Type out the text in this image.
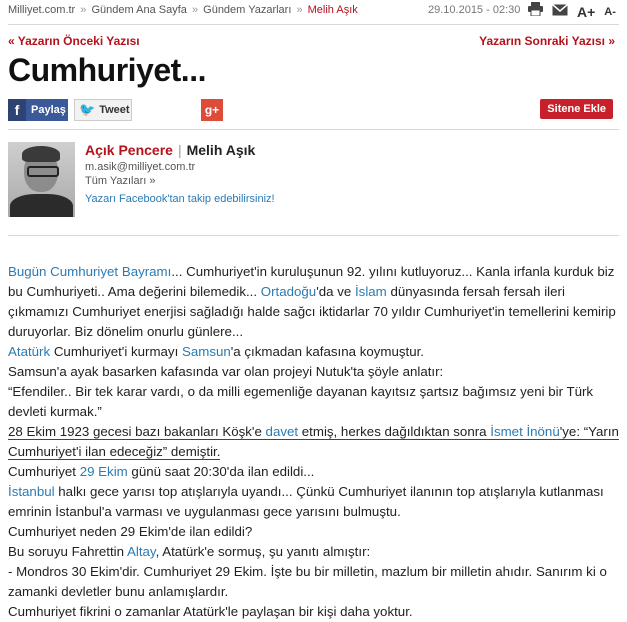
Milliyet.com.tr » Gündem Ana Sayfa » Gündem Yazarları » Melih Aşık	29.10.2015 - 02:30	A+ A-
« Yazarın Önceki Yazısı	Yazarın Sonraki Yazısı »
Cumhuriyet...
f	Paylaş 🐦 Tweet	g+	Sitene Ekle
Açık Pencere | Melih Aşık
m.asik@milliyet.com.tr
Tüm Yazıları »
Yazarı Facebook'tan takip edebilirsiniz!

Bugün Cumhuriyet Bayramı... Cumhuriyet'in kuruluşunun 92. yılını kutluyoruz... Kanla irfanla kurduk biz bu Cumhuriyeti.. Ama değerini bilemedik... Ortadoğu'da ve İslam dünyasında fersah fersah ileri çıkmamızı Cumhuriyet enerjisi sağladığı halde sağcı iktidarlar 70 yıldır Cumhuriyet'in temellerini kemirip duruyorlar. Biz dönelim onurlu günlere...

Atatürk Cumhuriyet'i kurmayı Samsun'a çıkmadan kafasına koymuştur.

Samsun'a ayak basarken kafasında var olan projeyi Nutuk'ta şöyle anlatır:

“Efendiler.. Bir tek karar vardı, o da milli egemenliğe dayanan kayıtsız şartsız bağımsız yeni bir Türk devleti kurmak.”

28 Ekim 1923 gecesi bazı bakanları Köşk'e davet etmiş, herkes dağıldıktan sonra İsmet İnönü'ye: “Yarın Cumhuriyet'i ilan edeceğiz” demiştir.

Cumhuriyet 29 Ekim günü saat 20:30'da ilan edildi...

İstanbul halkı gece yarısı top atışlarıyla uyandı... Çünkü Cumhuriyet ilanının top atışlarıyla kutlanması emrinin İstanbul'a varması ve uygulanması gece yarısını bulmuştu.

Cumhuriyet neden 29 Ekim'de ilan edildi?

Bu soruyu Fahrettin Altay, Atatürk'e sormuş, şu yanıtı almıştır:

- Mondros 30 Ekim'dir. Cumhuriyet 29 Ekim. İşte bu bir milletin, mazlum bir milletin ahıdır. Sanırım ki o zamanki devletler bunu anlamışlardır.

Cumhuriyet fikrini o zamanlar Atatürk'le paylaşan bir kişi daha yoktur.
